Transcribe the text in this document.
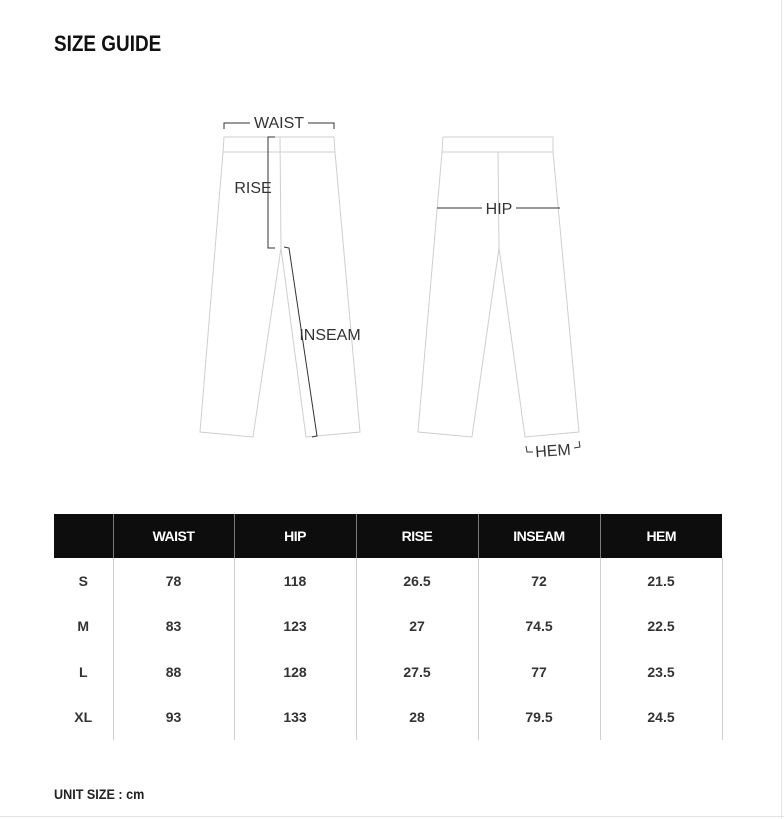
SIZE GUIDE
WAIST
RISE
INSEAM
HIP
HEM
	WAIST	HIP	RISE	INSEAM	HEM
S	78	118	26.5	72	21.5
M	83	123	27	74.5	22.5
L	88	128	27.5	77	23.5
XL	93	133	28	79.5	24.5
UNIT SIZE : cm
